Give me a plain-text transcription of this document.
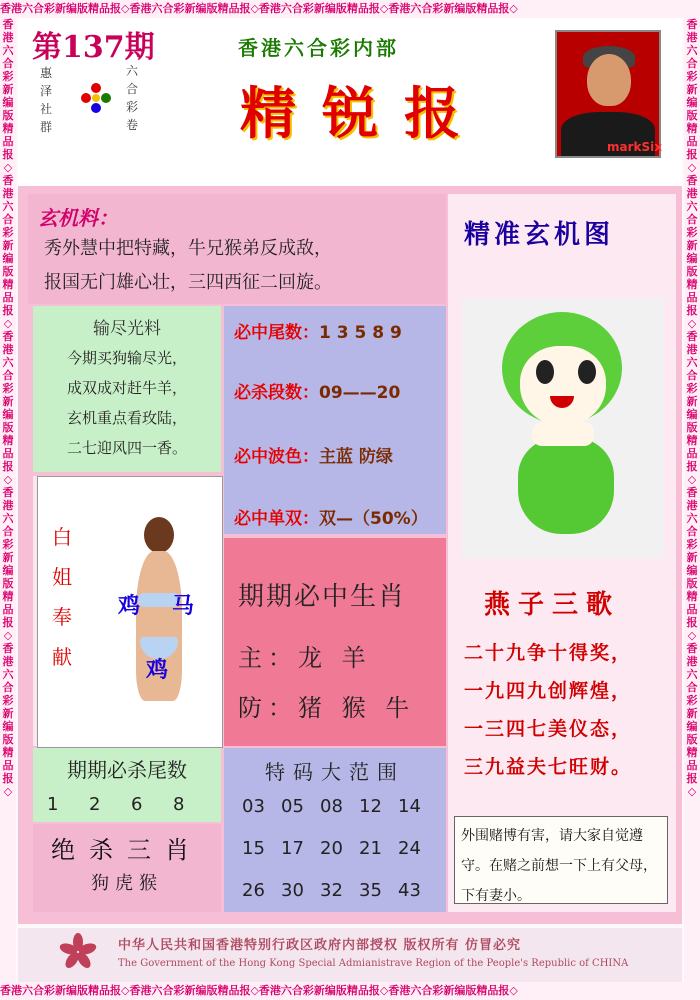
香港六合彩新编版精品报◇香港六合彩新编版精品报◇香港六合彩新编版精品报◇香港六合彩新编版精品报◇
香港六合彩新编版精品报◇香港六合彩新编版精品报◇香港六合彩新编版精品报◇香港六合彩新编版精品报◇
香港六合彩新编版精品报◇香港六合彩新编版精品报◇香港六合彩新编版精品报◇香港六合彩新编版精品报◇香港六合彩新编版精品报◇
香港六合彩新编版精品报◇香港六合彩新编版精品报◇香港六合彩新编版精品报◇香港六合彩新编版精品报◇香港六合彩新编版精品报◇
第137期
惠泽社群
六合彩卷
香港六合彩内部
精锐报	markSix
玄机料：
秀外慧中把特藏，牛兄猴弟反成敌，
报国无门雄心壮，三四西征二回旋。
输尽光料

今期买狗输尽光，

成双成对赶牛羊，

玄机重点看玫陆，

二七迎风四一香。

必中尾数：1 3 5 8 9
必杀段数：09——20
必中波色：主蓝 防绿
必中单双：双—（50%）
白姐奉献
鸡 马
鸡
期期必中生肖
主：龙 羊
防：猪 猴 牛
期期必杀尾数
1 2 6 8
绝杀三肖

狗虎猴

特码大范围
03 05 08 12 14
15 17 20 21 24
26 30 32 35 43
精准玄机图
燕子三歌
二十九争十得奖，
一九四九创辉煌，
一三四七美仪态，
三九益夫七旺财。
外围赌博有害，请大家自觉遵守。在赌之前想一下上有父母，下有妻小。
中华人民共和国香港特别行政区政府内部授权 版权所有 仿冒必究
The Government of the Hong Kong Special Admianistrave Region of the People's Republic of CHINA
